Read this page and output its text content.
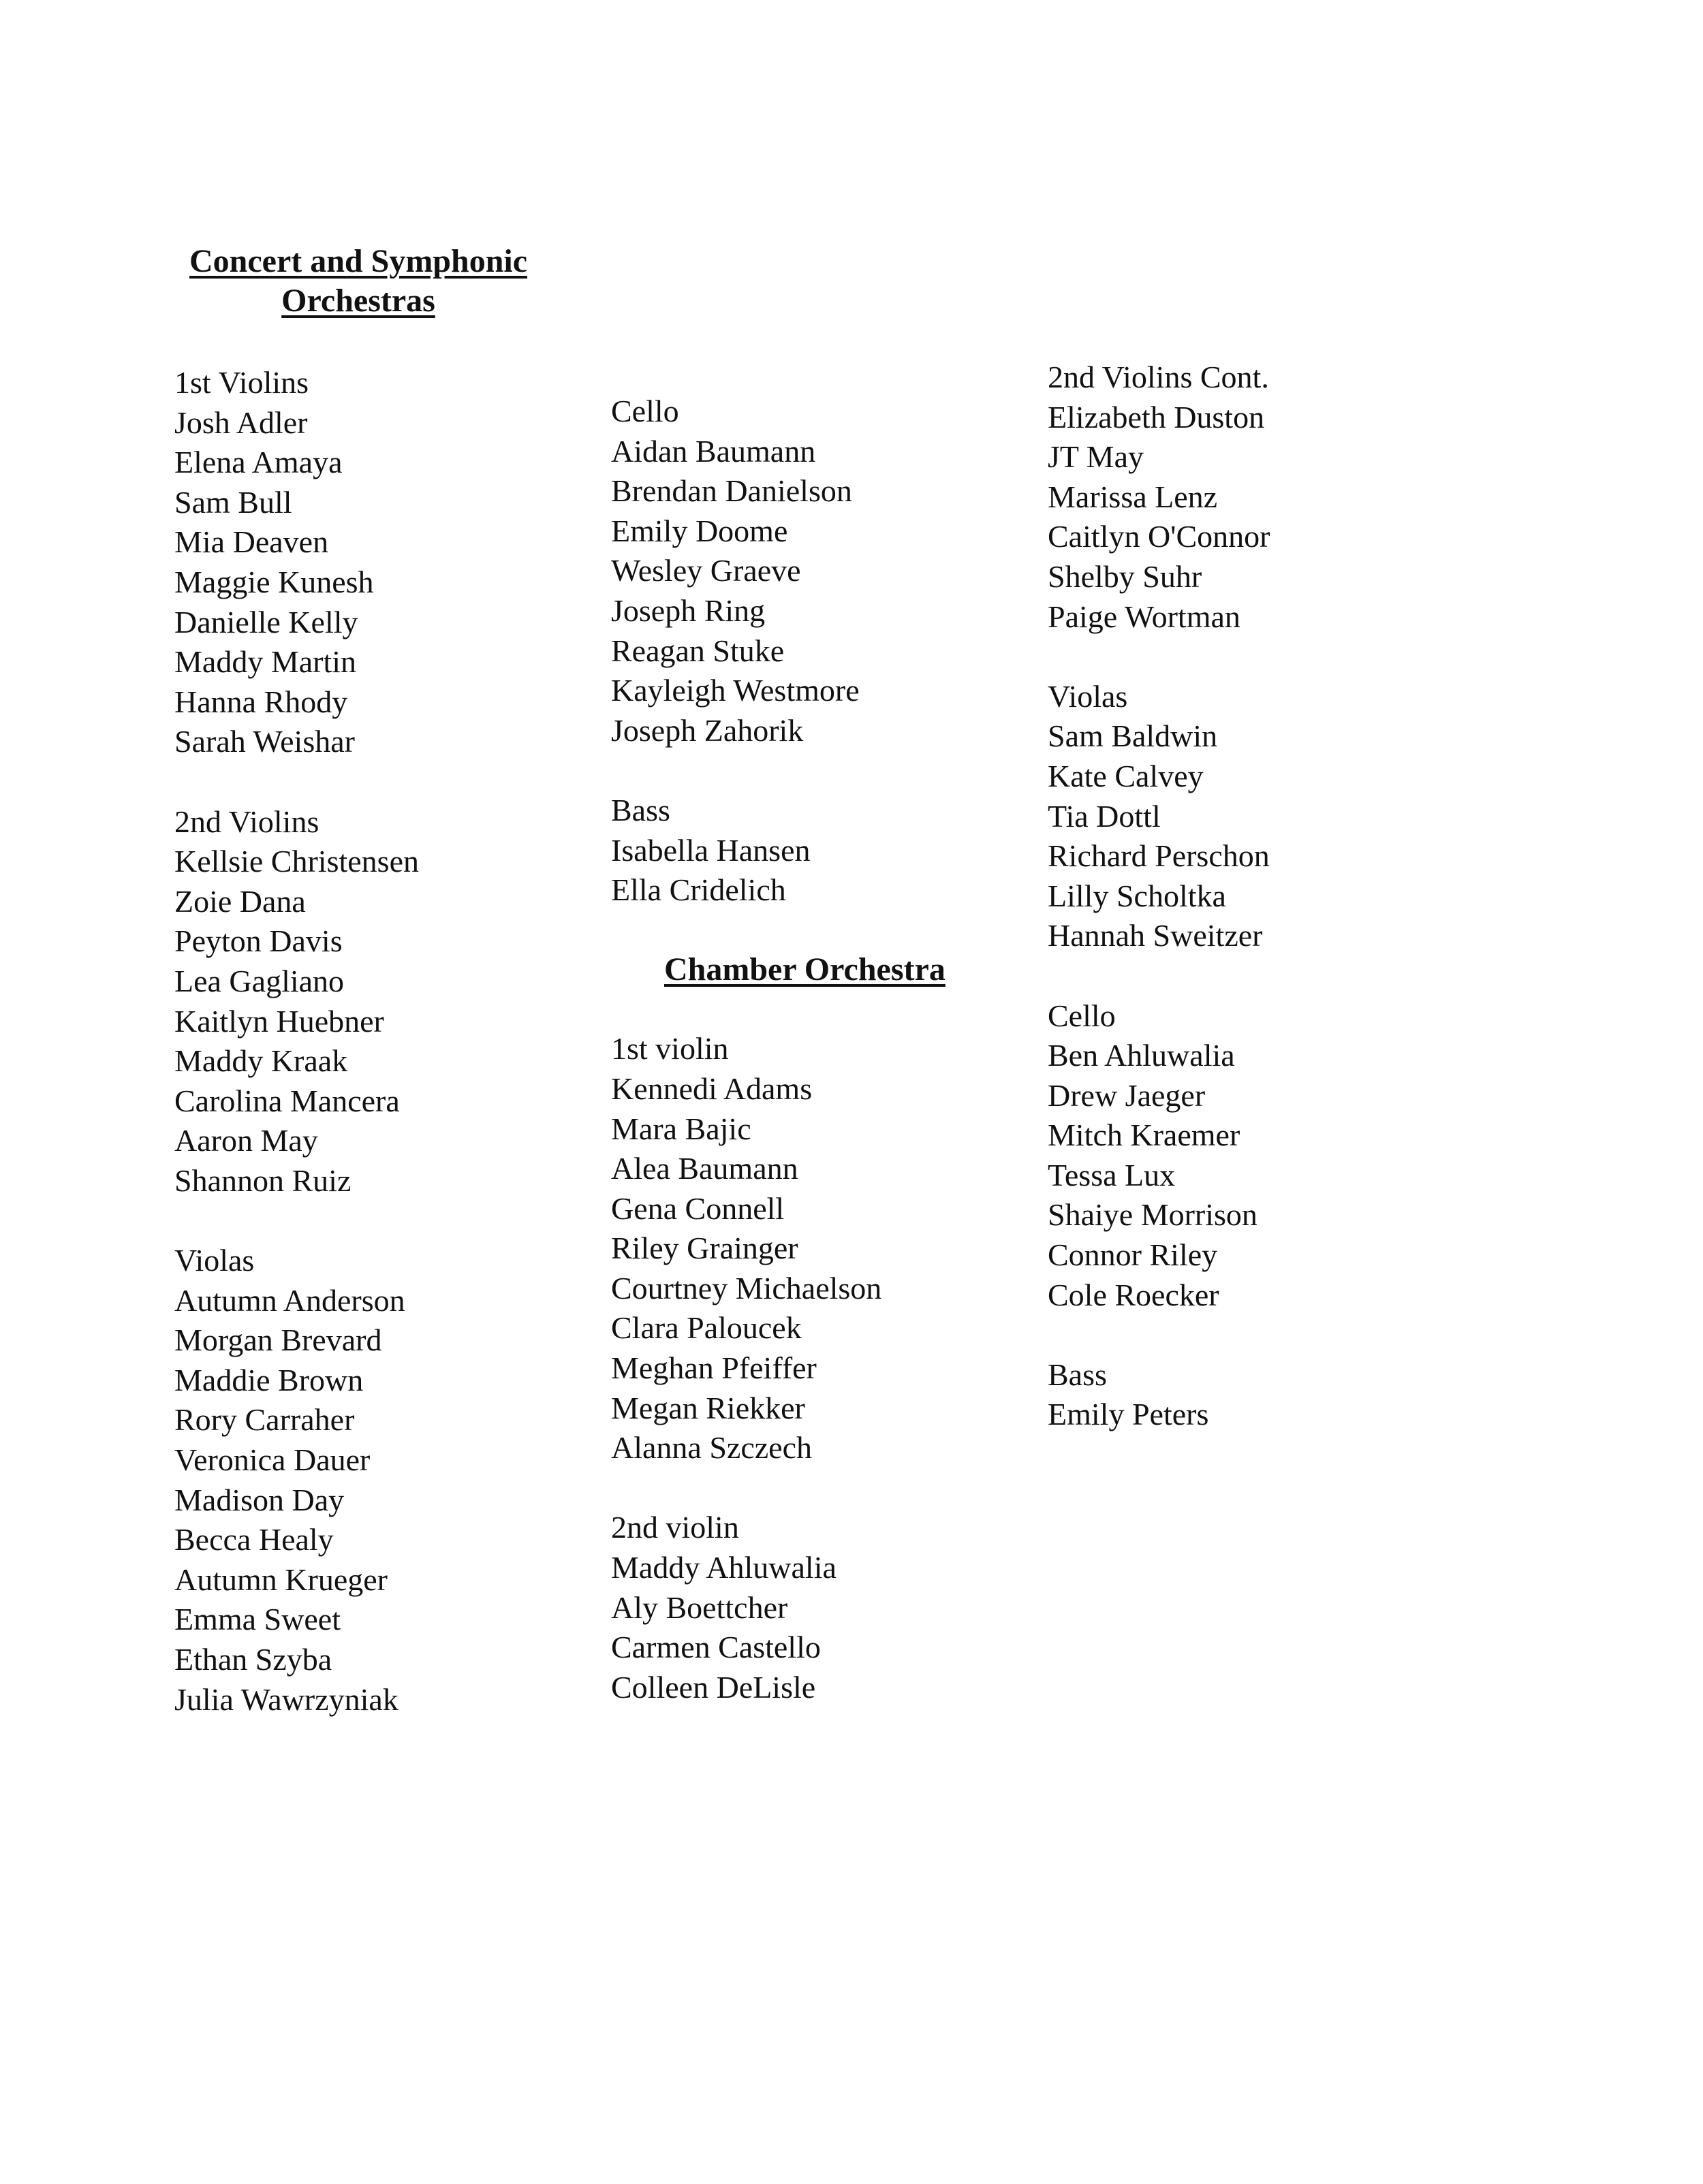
Concert and Symphonic
Orchestras
1st Violins
Josh Adler
Elena Amaya
Sam Bull
Mia Deaven
Maggie Kunesh
Danielle Kelly
Maddy Martin
Hanna Rhody
Sarah Weishar
2nd Violins
Kellsie Christensen
Zoie Dana
Peyton Davis
Lea Gagliano
Kaitlyn Huebner
Maddy Kraak
Carolina Mancera
Aaron May
Shannon Ruiz
Violas
Autumn Anderson
Morgan Brevard
Maddie Brown
Rory Carraher
Veronica Dauer
Madison Day
Becca Healy
Autumn Krueger
Emma Sweet
Ethan Szyba
Julia Wawrzyniak
Cello
Aidan Baumann
Brendan Danielson
Emily Doome
Wesley Graeve
Joseph Ring
Reagan Stuke
Kayleigh Westmore
Joseph Zahorik
Bass
Isabella Hansen
Ella Cridelich
Chamber Orchestra
1st violin
Kennedi Adams
Mara Bajic
Alea Baumann
Gena Connell
Riley Grainger
Courtney Michaelson
Clara Paloucek
Meghan Pfeiffer
Megan Riekker
Alanna Szczech
2nd violin
Maddy Ahluwalia
Aly Boettcher
Carmen Castello
Colleen DeLisle
2nd Violins Cont.
Elizabeth Duston
JT May
Marissa Lenz
Caitlyn O'Connor
Shelby Suhr
Paige Wortman
Violas
Sam Baldwin
Kate Calvey
Tia Dottl
Richard Perschon
Lilly Scholtka
Hannah Sweitzer
Cello
Ben Ahluwalia
Drew Jaeger
Mitch Kraemer
Tessa Lux
Shaiye Morrison
Connor Riley
Cole Roecker
Bass
Emily Peters
